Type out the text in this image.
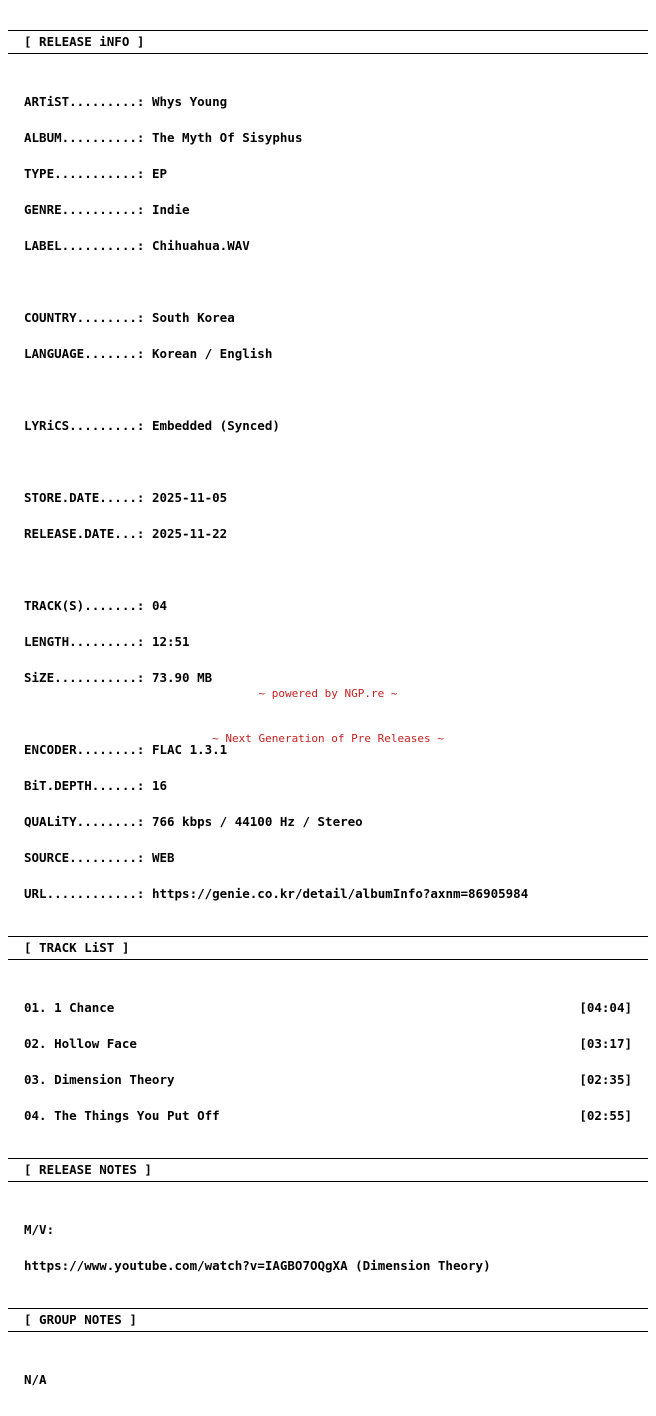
[ RELEASE iNFO ]

ARTiST.........:
Whys Young

ALBUM..........:
The Myth Of Sisyphus

TYPE...........:
EP

GENRE..........:
Indie

LABEL..........:
Chihuahua.WAV

COUNTRY........:
South Korea

LANGUAGE.......:
Korean / English

LYRiCS.........:
Embedded (Synced)

STORE.DATE.....:
2025-11-05

RELEASE.DATE...:
2025-11-22

TRACK(S).......:
04

LENGTH.........:
12:51

SiZE...........:
73.90 MB

ENCODER........:
FLAC 1.3.1

BiT.DEPTH......:
16

QUALiTY........:
766 kbps / 44100 Hz / Stereo

SOURCE.........:
WEB

URL............:
https://genie.co.kr/detail/albumInfo?axnm=86905984

[ TRACK LiST ]

01. 1 Chance	[04:04]

02. Hollow Face	[03:17]

03. Dimension Theory	[02:35]

04. The Things You Put Off	[02:55]

[ RELEASE NOTES ]

M/V:

https://www.youtube.com/watch?v=IAGBO7OQgXA (Dimension Theory)

[ GROUP NOTES ]

N/A

~ powered by NGP.re ~

~ Next Generation of Pre Releases ~
